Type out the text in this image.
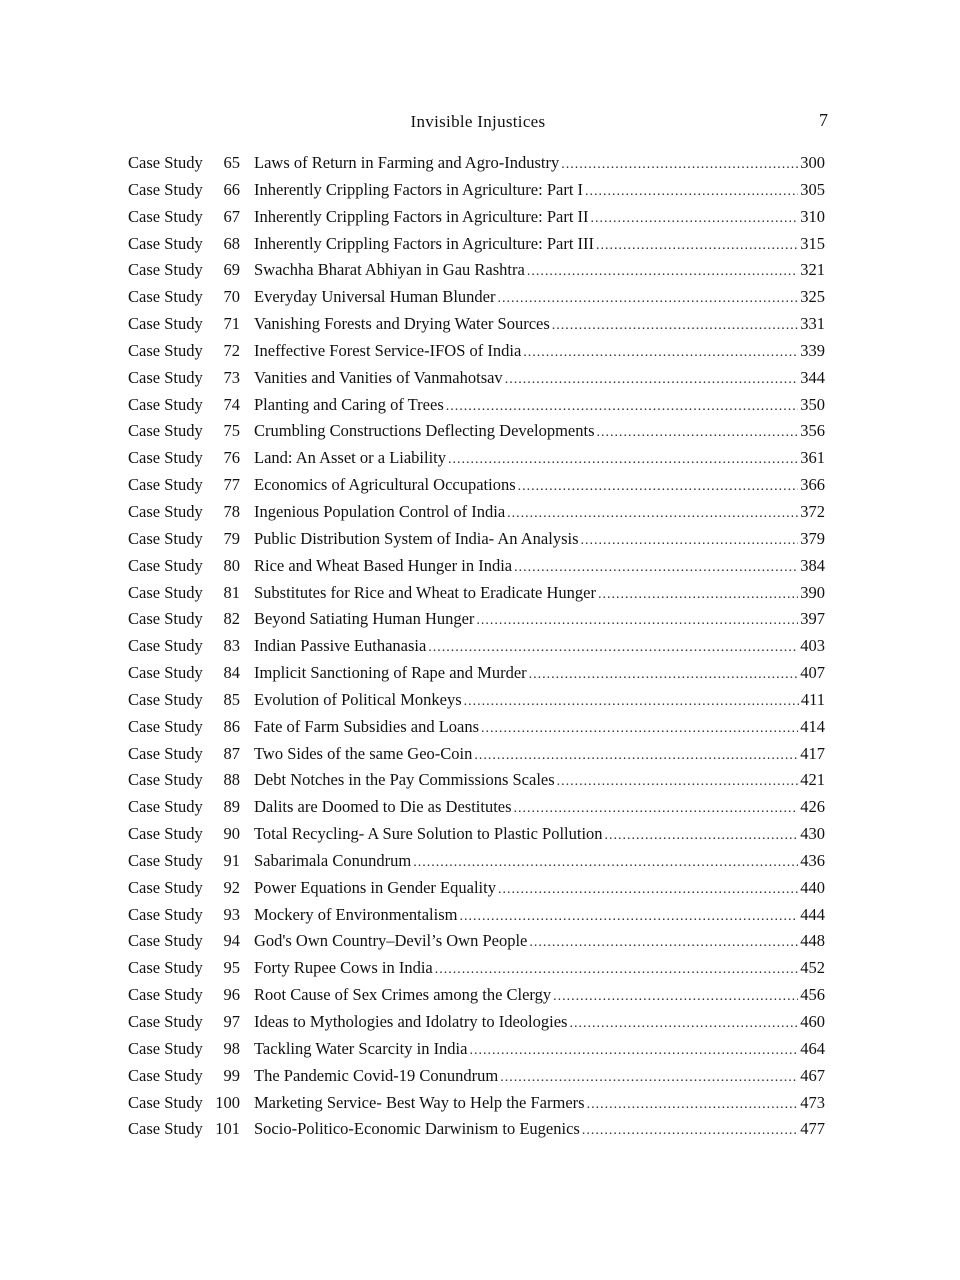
Invisible Injustices	7
Case Study	65 Laws of Return in Farming and Agro-Industry .....	300
Case Study	66 Inherently Crippling Factors in Agriculture: Part I .....	305
Case Study	67 Inherently Crippling Factors in Agriculture: Part II .....	310
Case Study	68 Inherently Crippling Factors in Agriculture: Part III .....	315
Case Study	69 Swachha Bharat Abhiyan in Gau Rashtra .....	321
Case Study	70 Everyday Universal Human Blunder .....	325
Case Study	71 Vanishing Forests and Drying Water Sources .....	331
Case Study	72 Ineffective Forest Service-IFOS of India .....	339
Case Study	73 Vanities and Vanities of Vanmahotsav .....	344
Case Study	74 Planting and Caring of Trees .....	350
Case Study	75 Crumbling Constructions Deflecting Developments .....	356
Case Study	76 Land: An Asset or a Liability .....	361
Case Study	77 Economics of Agricultural Occupations .....	366
Case Study	78 Ingenious Population Control of India .....	372
Case Study	79 Public Distribution System of India- An Analysis .....	379
Case Study	80 Rice and Wheat Based Hunger in India .....	384
Case Study	81 Substitutes for Rice and Wheat to Eradicate Hunger .....	390
Case Study	82 Beyond Satiating Human Hunger .....	397
Case Study	83 Indian Passive Euthanasia .....	403
Case Study	84 Implicit Sanctioning of Rape and Murder .....	407
Case Study	85 Evolution of Political Monkeys .....	411
Case Study	86 Fate of Farm Subsidies and Loans .....	414
Case Study	87 Two Sides of the same Geo-Coin .....	417
Case Study	88 Debt Notches in the Pay Commissions Scales .....	421
Case Study	89 Dalits are Doomed to Die as Destitutes .....	426
Case Study	90 Total Recycling- A Sure Solution to Plastic Pollution .....	430
Case Study	91 Sabarimala Conundrum .....	436
Case Study	92 Power Equations in Gender Equality .....	440
Case Study	93 Mockery of Environmentalism .....	444
Case Study	94 God's Own Country–Devil’s Own People .....	448
Case Study	95 Forty Rupee Cows in India .....	452
Case Study	96 Root Cause of Sex Crimes among the Clergy .....	456
Case Study	97 Ideas to Mythologies and Idolatry to Ideologies .....	460
Case Study	98 Tackling Water Scarcity in India .....	464
Case Study	99 The Pandemic Covid-19 Conundrum .....	467
Case Study 100 Marketing Service- Best Way to Help the Farmers .....	473
Case Study 101 Socio-Politico-Economic Darwinism to Eugenics .....	477
